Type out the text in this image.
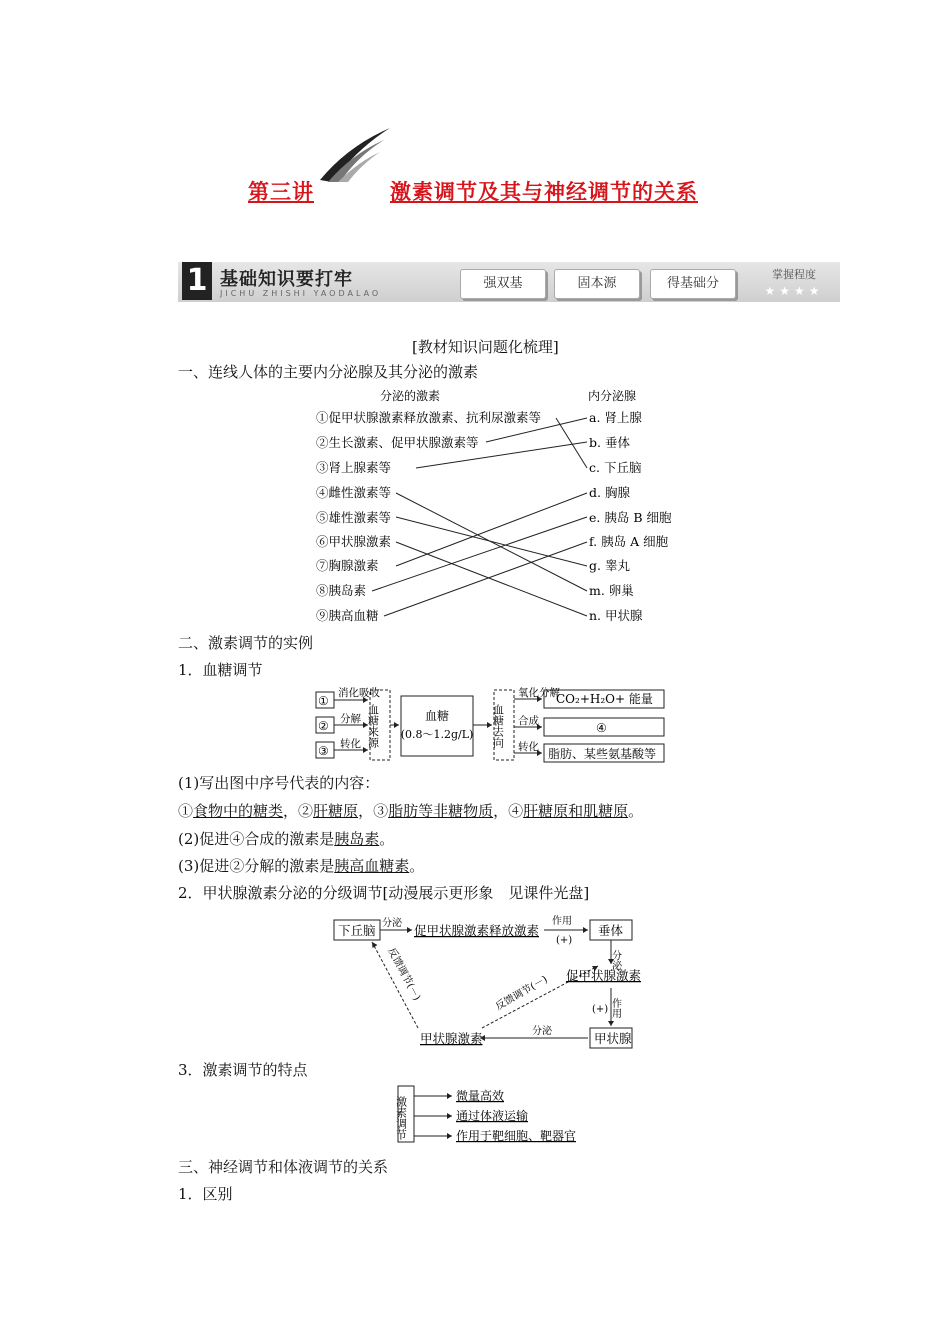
第三讲	激素调节及其与神经调节的关系
1 基础知识要打牢
JICHU ZHISHI YAODALAO
强双基	固本源	得基础分
掌握程度
★★★★
[教材知识问题化梳理]
一、连线人体的主要内分泌腺及其分泌的激素
分泌的激素	内分泌腺
①促甲状腺激素释放激素、抗利尿激素等
②生长激素、促甲状腺激素等
③肾上腺素等
④雌性激素等
⑤雄性激素等
⑥甲状腺激素
⑦胸腺激素
⑧胰岛素
⑨胰高血糖
a. 肾上腺
b. 垂体
c. 下丘脑
d. 胸腺
e. 胰岛 B 细胞
f. 胰岛 A 细胞
g. 睾丸
m. 卵巢
n. 甲状腺
二、激素调节的实例
1．血糖调节
①
②
③
消化吸收
分解
转化 血糖来源	血糖
(0.8～1.2g/L) 血糖去向
氧化分解
合成
转化
CO₂+H₂O+ 能量
④
脂肪、某些氨基酸等
(1)写出图中序号代表的内容：
①食物中的糖类，②肝糖原，③脂肪等非糖物质，④肝糖原和肌糖原。
(2)促进④合成的激素是胰岛素。
(3)促进②分解的激素是胰高血糖素。
2．甲状腺激素分泌的分级调节[动漫展示更形象　见课件光盘]
下丘脑 分泌 促甲状腺激素释放激素
作用
(+)
垂体
分泌
促甲状腺激素
(+) 作用
甲状腺
分泌
甲状腺激素
反馈调节(－)	反馈调节(－)
3．激素调节的特点
激素调节	微量高效
通过体液运输
作用于靶细胞、靶器官
三、神经调节和体液调节的关系
1．区别
